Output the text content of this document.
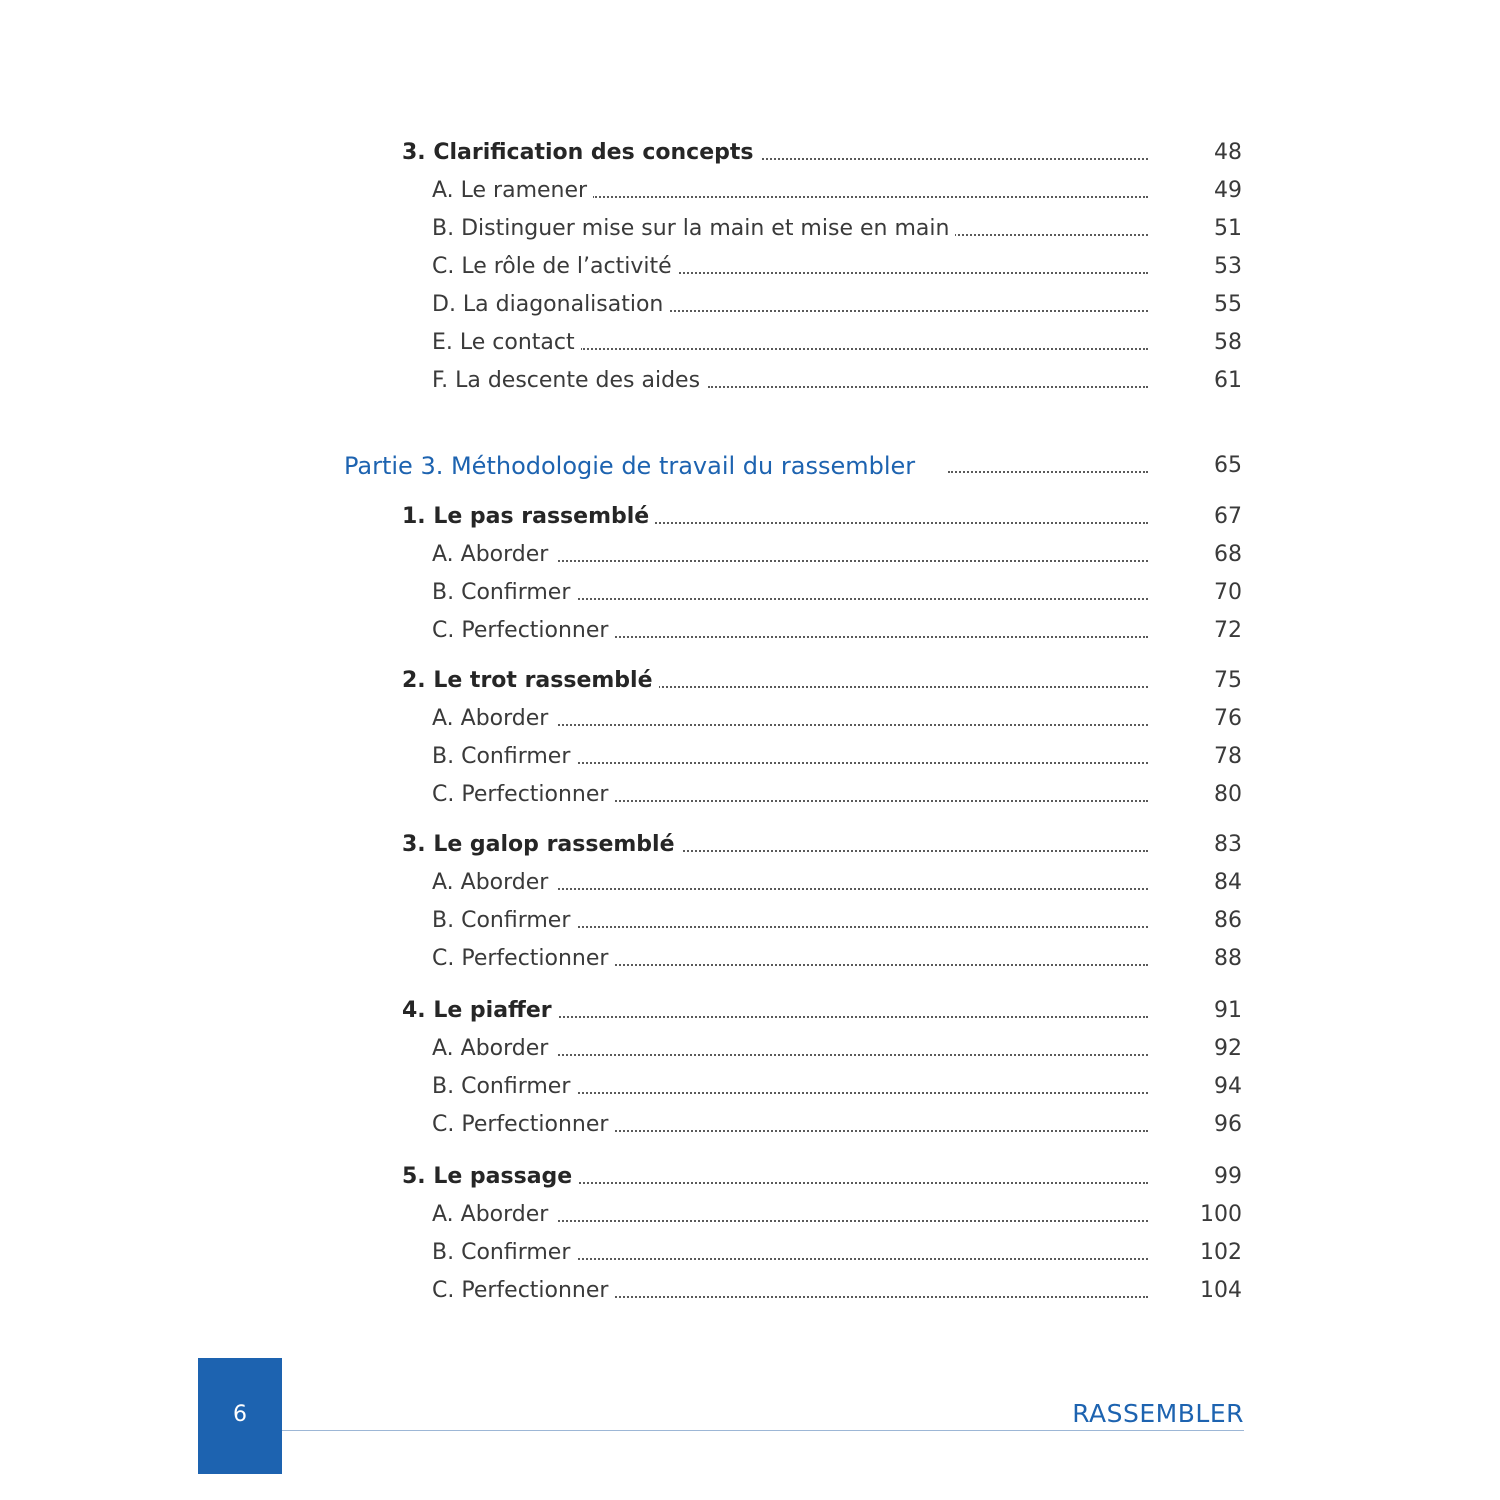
3. Clarification des concepts	48
A. Le ramener	49
B. Distinguer mise sur la main et mise en main	51
C. Le rôle de l’activité	53
D. La diagonalisation	55
E. Le contact	58
F. La descente des aides	61
Partie 3. Méthodologie de travail du rassembler	65
1. Le pas rassemblé	67
A. Aborder	68
B. Confirmer	70
C. Perfectionner	72
2. Le trot rassemblé	75
A. Aborder	76
B. Confirmer	78
C. Perfectionner	80
3. Le galop rassemblé	83
A. Aborder	84
B. Confirmer	86
C. Perfectionner	88
4. Le piaffer	91
A. Aborder	92
B. Confirmer	94
C. Perfectionner	96
5. Le passage	99
A. Aborder	100
B. Confirmer	102
C. Perfectionner	104
6	RASSEMBLER
